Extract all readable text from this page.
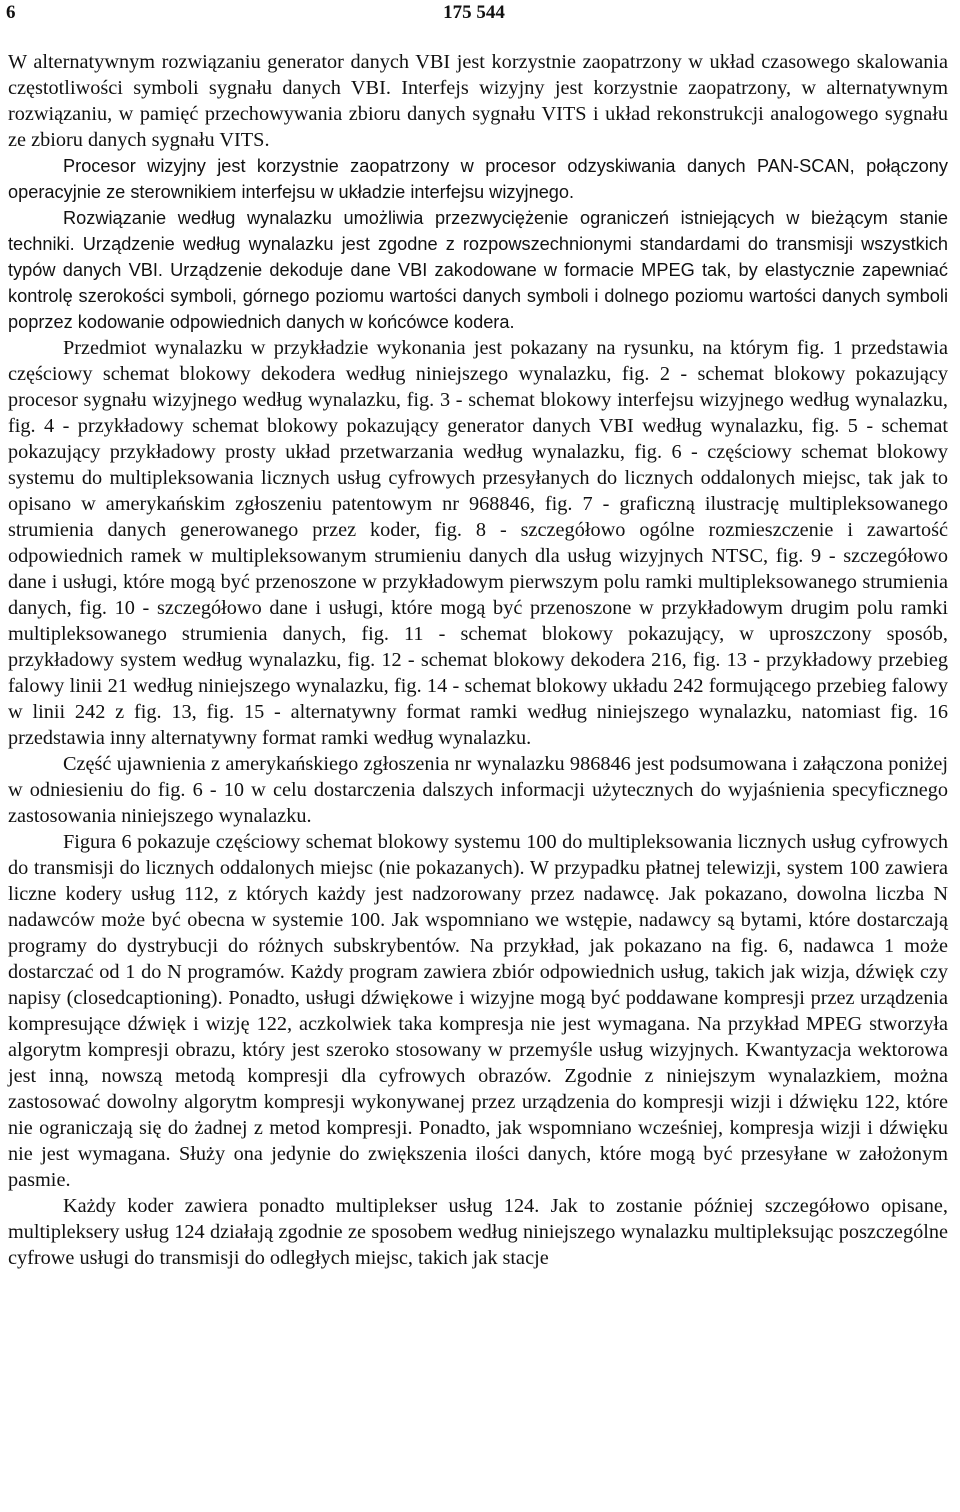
6	175 544

W alternatywnym rozwiązaniu generator danych VBI jest korzystnie zaopatrzony w układ czasowego skalowania częstotliwości symboli sygnału danych VBI. Interfejs wizyjny jest korzystnie zaopatrzony, w alternatywnym rozwiązaniu, w pamięć przechowywania zbioru danych sygnału VITS i układ rekonstrukcji analogowego sygnału ze zbioru danych sygnału VITS.

Procesor wizyjny jest korzystnie zaopatrzony w procesor odzyskiwania danych PAN-SCAN, połączony operacyjnie ze sterownikiem interfejsu w układzie interfejsu wizyjnego.

Rozwiązanie według wynalazku umożliwia przezwyciężenie ograniczeń istniejących w bieżącym stanie techniki. Urządzenie według wynalazku jest zgodne z rozpowszechnionymi standardami do transmisji wszystkich typów danych VBI. Urządzenie dekoduje dane VBI zakodowane w formacie MPEG tak, by elastycznie zapewniać kontrolę szerokości symboli, górnego poziomu wartości danych symboli i dolnego poziomu wartości danych symboli poprzez kodowanie odpowiednich danych w końcówce kodera.

Przedmiot wynalazku w przykładzie wykonania jest pokazany na rysunku, na którym fig. 1 przedstawia częściowy schemat blokowy dekodera według niniejszego wynalazku, fig. 2 - schemat blokowy pokazujący procesor sygnału wizyjnego według wynalazku, fig. 3 - schemat blokowy interfejsu wizyjnego według wynalazku, fig. 4 - przykładowy schemat blokowy pokazujący generator danych VBI według wynalazku, fig. 5 - schemat pokazujący przykładowy prosty układ przetwarzania według wynalazku, fig. 6 - częściowy schemat blokowy systemu do multipleksowania licznych usług cyfrowych przesyłanych do licznych oddalonych miejsc, tak jak to opisano w amerykańskim zgłoszeniu patentowym nr 968846, fig. 7 - graficzną ilustrację multipleksowanego strumienia danych generowanego przez koder, fig. 8 - szczegółowo ogólne rozmieszczenie i zawartość odpowiednich ramek w multipleksowanym strumieniu danych dla usług wizyjnych NTSC, fig. 9 - szczegółowo dane i usługi, które mogą być przenoszone w przykładowym pierwszym polu ramki multipleksowanego strumienia danych, fig. 10 - szczegółowo dane i usługi, które mogą być przenoszone w przykładowym drugim polu ramki multipleksowanego strumienia danych, fig. 11 - schemat blokowy pokazujący, w uproszczony sposób, przykładowy system według wynalazku, fig. 12 - schemat blokowy dekodera 216, fig. 13 - przykładowy przebieg falowy linii 21 według niniejszego wynalazku, fig. 14 - schemat blokowy układu 242 formującego przebieg falowy w linii 242 z fig. 13, fig. 15 - alternatywny format ramki według niniejszego wynalazku, natomiast fig. 16 przedstawia inny alternatywny format ramki według wynalazku.

Część ujawnienia z amerykańskiego zgłoszenia nr wynalazku 986846 jest podsumowana i załączona poniżej w odniesieniu do fig. 6 - 10 w celu dostarczenia dalszych informacji użytecznych do wyjaśnienia specyficznego zastosowania niniejszego wynalazku.

Figura 6 pokazuje częściowy schemat blokowy systemu 100 do multipleksowania licznych usług cyfrowych do transmisji do licznych oddalonych miejsc (nie pokazanych). W przypadku płatnej telewizji, system 100 zawiera liczne kodery usług 112, z których każdy jest nadzorowany przez nadawcę. Jak pokazano, dowolna liczba N nadawców może być obecna w systemie 100. Jak wspomniano we wstępie, nadawcy są bytami, które dostarczają programy do dystrybucji do różnych subskrybentów. Na przykład, jak pokazano na fig. 6, nadawca 1 może dostarczać od 1 do N programów. Każdy program zawiera zbiór odpowiednich usług, takich jak wizja, dźwięk czy napisy (closedcaptioning). Ponadto, usługi dźwiękowe i wizyjne mogą być poddawane kompresji przez urządzenia kompresujące dźwięk i wizję 122, aczkolwiek taka kompresja nie jest wymagana. Na przykład MPEG stworzyła algorytm kompresji obrazu, który jest szeroko stosowany w przemyśle usług wizyjnych. Kwantyzacja wektorowa jest inną, nowszą metodą kompresji dla cyfrowych obrazów. Zgodnie z niniejszym wynalazkiem, można zastosować dowolny algorytm kompresji wykonywanej przez urządzenia do kompresji wizji i dźwięku 122, które nie ograniczają się do żadnej z metod kompresji. Ponadto, jak wspomniano wcześniej, kompresja wizji i dźwięku nie jest wymagana. Służy ona jedynie do zwiększenia ilości danych, które mogą być przesyłane w założonym pasmie.

Każdy koder zawiera ponadto multiplekser usług 124. Jak to zostanie później szczegółowo opisane, multipleksery usług 124 działają zgodnie ze sposobem według niniejszego wynalazku multipleksując poszczególne cyfrowe usługi do transmisji do odległych miejsc, takich jak stacje
